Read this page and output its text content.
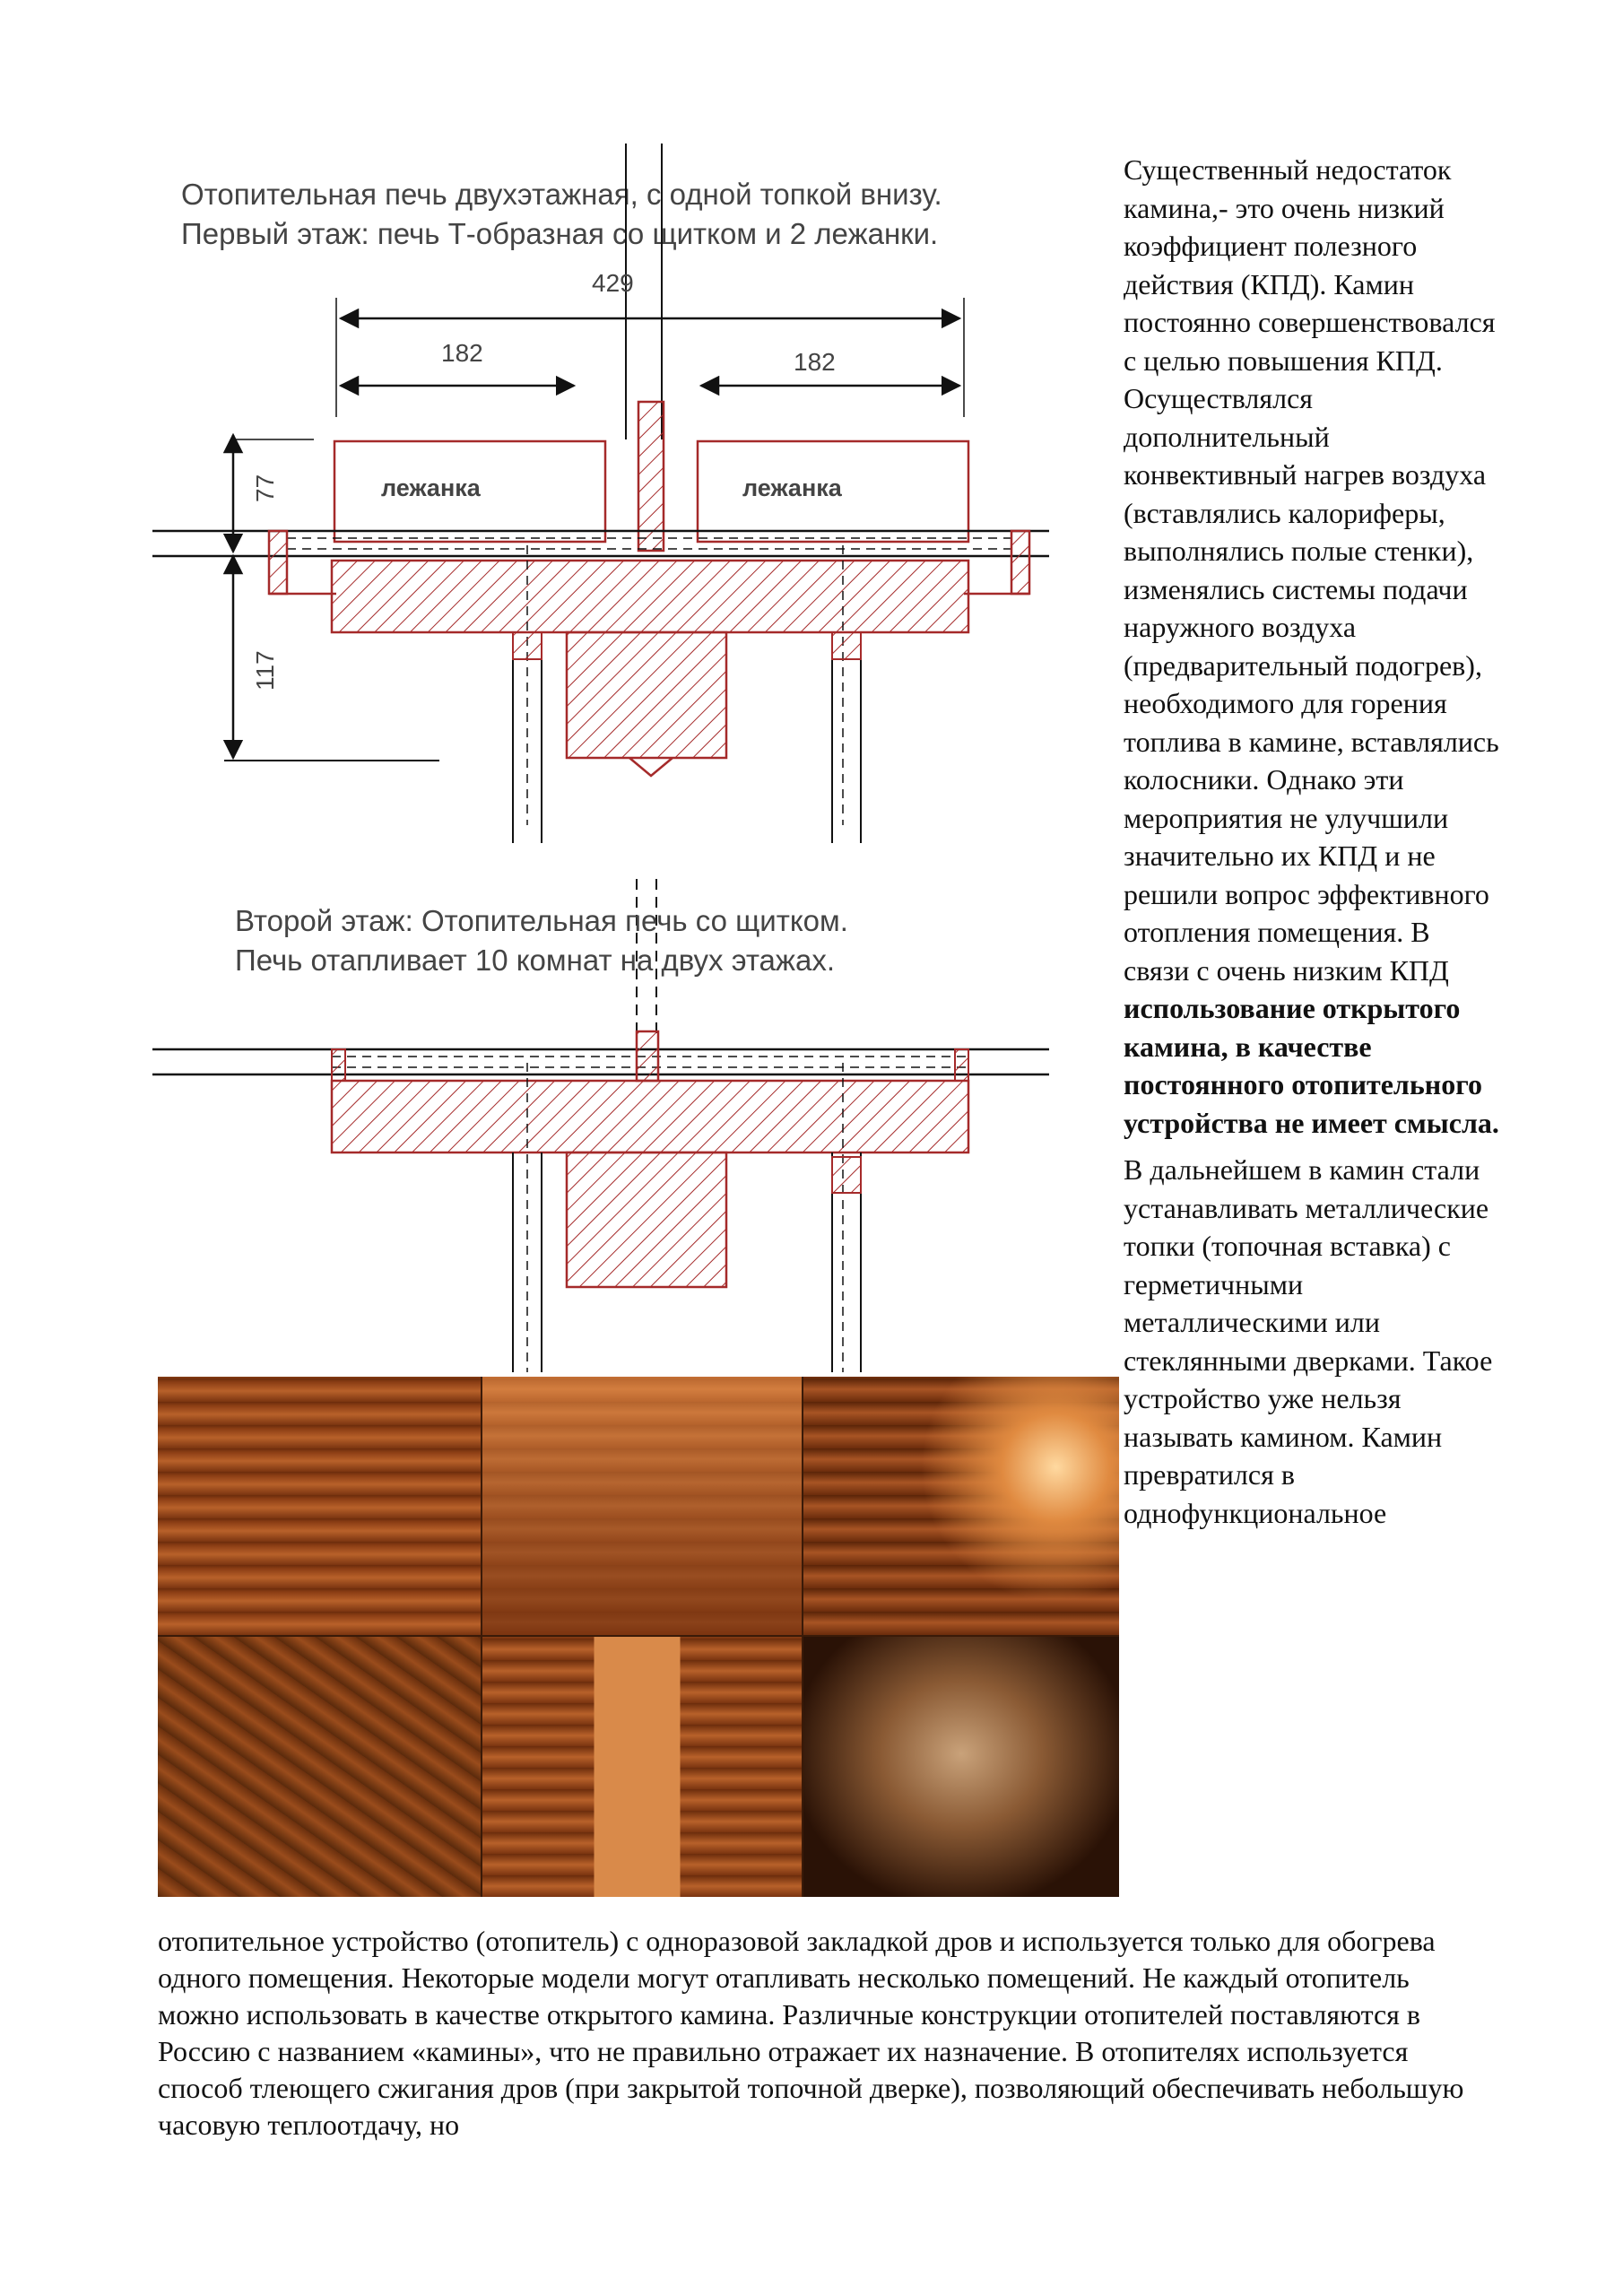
Отопительная печь двухэтажная, с одной топкой внизу.
Первый этаж: печь Т-образная со щитком и 2 лежанки.
429
182	182
77
117
лежанка	лежанка
Второй этаж: Отопительная печь со щитком.
Печь отапливает 10 комнат на двух этажах.

Существенный недостаток камина,- это очень низкий коэффициент полезного действия (КПД). Камин постоянно совершенствовался с целью повышения КПД. Осуществлялся дополнительный конвективный нагрев воздуха (вставлялись калориферы, выполнялись полые стенки), изменялись системы подачи наружного воздуха (предварительный подогрев), необходимого для горения топлива в камине, вставлялись колосники. Однако эти мероприятия не улучшили значительно их КПД и не решили вопрос эффективного отопления помещения. В связи с очень низким КПД использование открытого камина, в качестве постоянного отопительного устройства не имеет смысла.

В дальнейшем в камин стали устанавливать металлические топки (топочная вставка) с герметичными металлическими или стеклянными дверками. Такое устройство уже нельзя называть камином. Камин превратился в однофункциональное

отопительное устройство (отопитель) с одноразовой закладкой дров и используется только для обогрева одного помещения. Некоторые модели могут отапливать несколько помещений. Не каждый отопитель можно использовать в качестве открытого камина. Различные конструкции отопителей поставляются в Россию с названием «камины», что не правильно отражает их назначение. В отопителях используется способ тлеющего сжигания дров (при закрытой топочной дверке), позволяющий обеспечивать небольшую часовую теплоотдачу, но
